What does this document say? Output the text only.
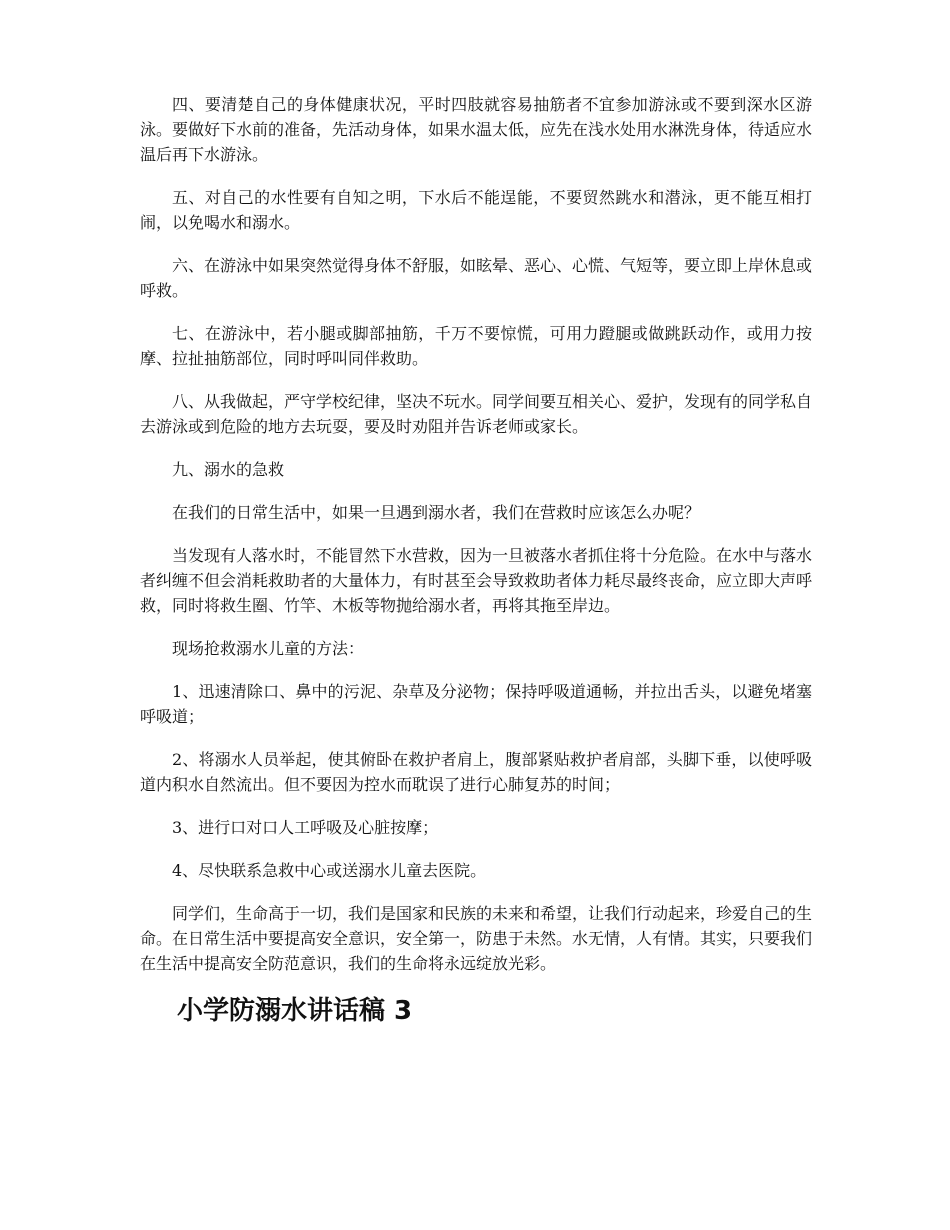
四、要清楚自己的身体健康状况，平时四肢就容易抽筋者不宜参加游泳或不要到深水区游泳。要做好下水前的准备，先活动身体，如果水温太低，应先在浅水处用水淋洗身体，待适应水温后再下水游泳。

五、对自己的水性要有自知之明，下水后不能逞能，不要贸然跳水和潜泳，更不能互相打闹，以免喝水和溺水。

六、在游泳中如果突然觉得身体不舒服，如眩晕、恶心、心慌、气短等，要立即上岸休息或呼救。

七、在游泳中，若小腿或脚部抽筋，千万不要惊慌，可用力蹬腿或做跳跃动作，或用力按摩、拉扯抽筋部位，同时呼叫同伴救助。

八、从我做起，严守学校纪律，坚决不玩水。同学间要互相关心、爱护，发现有的同学私自去游泳或到危险的地方去玩耍，要及时劝阻并告诉老师或家长。

九、溺水的急救

在我们的日常生活中，如果一旦遇到溺水者，我们在营救时应该怎么办呢？

当发现有人落水时，不能冒然下水营救，因为一旦被落水者抓住将十分危险。在水中与落水者纠缠不但会消耗救助者的大量体力，有时甚至会导致救助者体力耗尽最终丧命，应立即大声呼救，同时将救生圈、竹竿、木板等物抛给溺水者，再将其拖至岸边。

现场抢救溺水儿童的方法：

1、迅速清除口、鼻中的污泥、杂草及分泌物；保持呼吸道通畅，并拉出舌头，以避免堵塞呼吸道；

2、将溺水人员举起，使其俯卧在救护者肩上，腹部紧贴救护者肩部，头脚下垂，以使呼吸道内积水自然流出。但不要因为控水而耽误了进行心肺复苏的时间；

3、进行口对口人工呼吸及心脏按摩；

4、尽快联系急救中心或送溺水儿童去医院。

同学们，生命高于一切，我们是国家和民族的未来和希望，让我们行动起来，珍爱自己的生命。在日常生活中要提高安全意识，安全第一，防患于未然。水无情，人有情。其实，只要我们在生活中提高安全防范意识，我们的生命将永远绽放光彩。

小学防溺水讲话稿 3
